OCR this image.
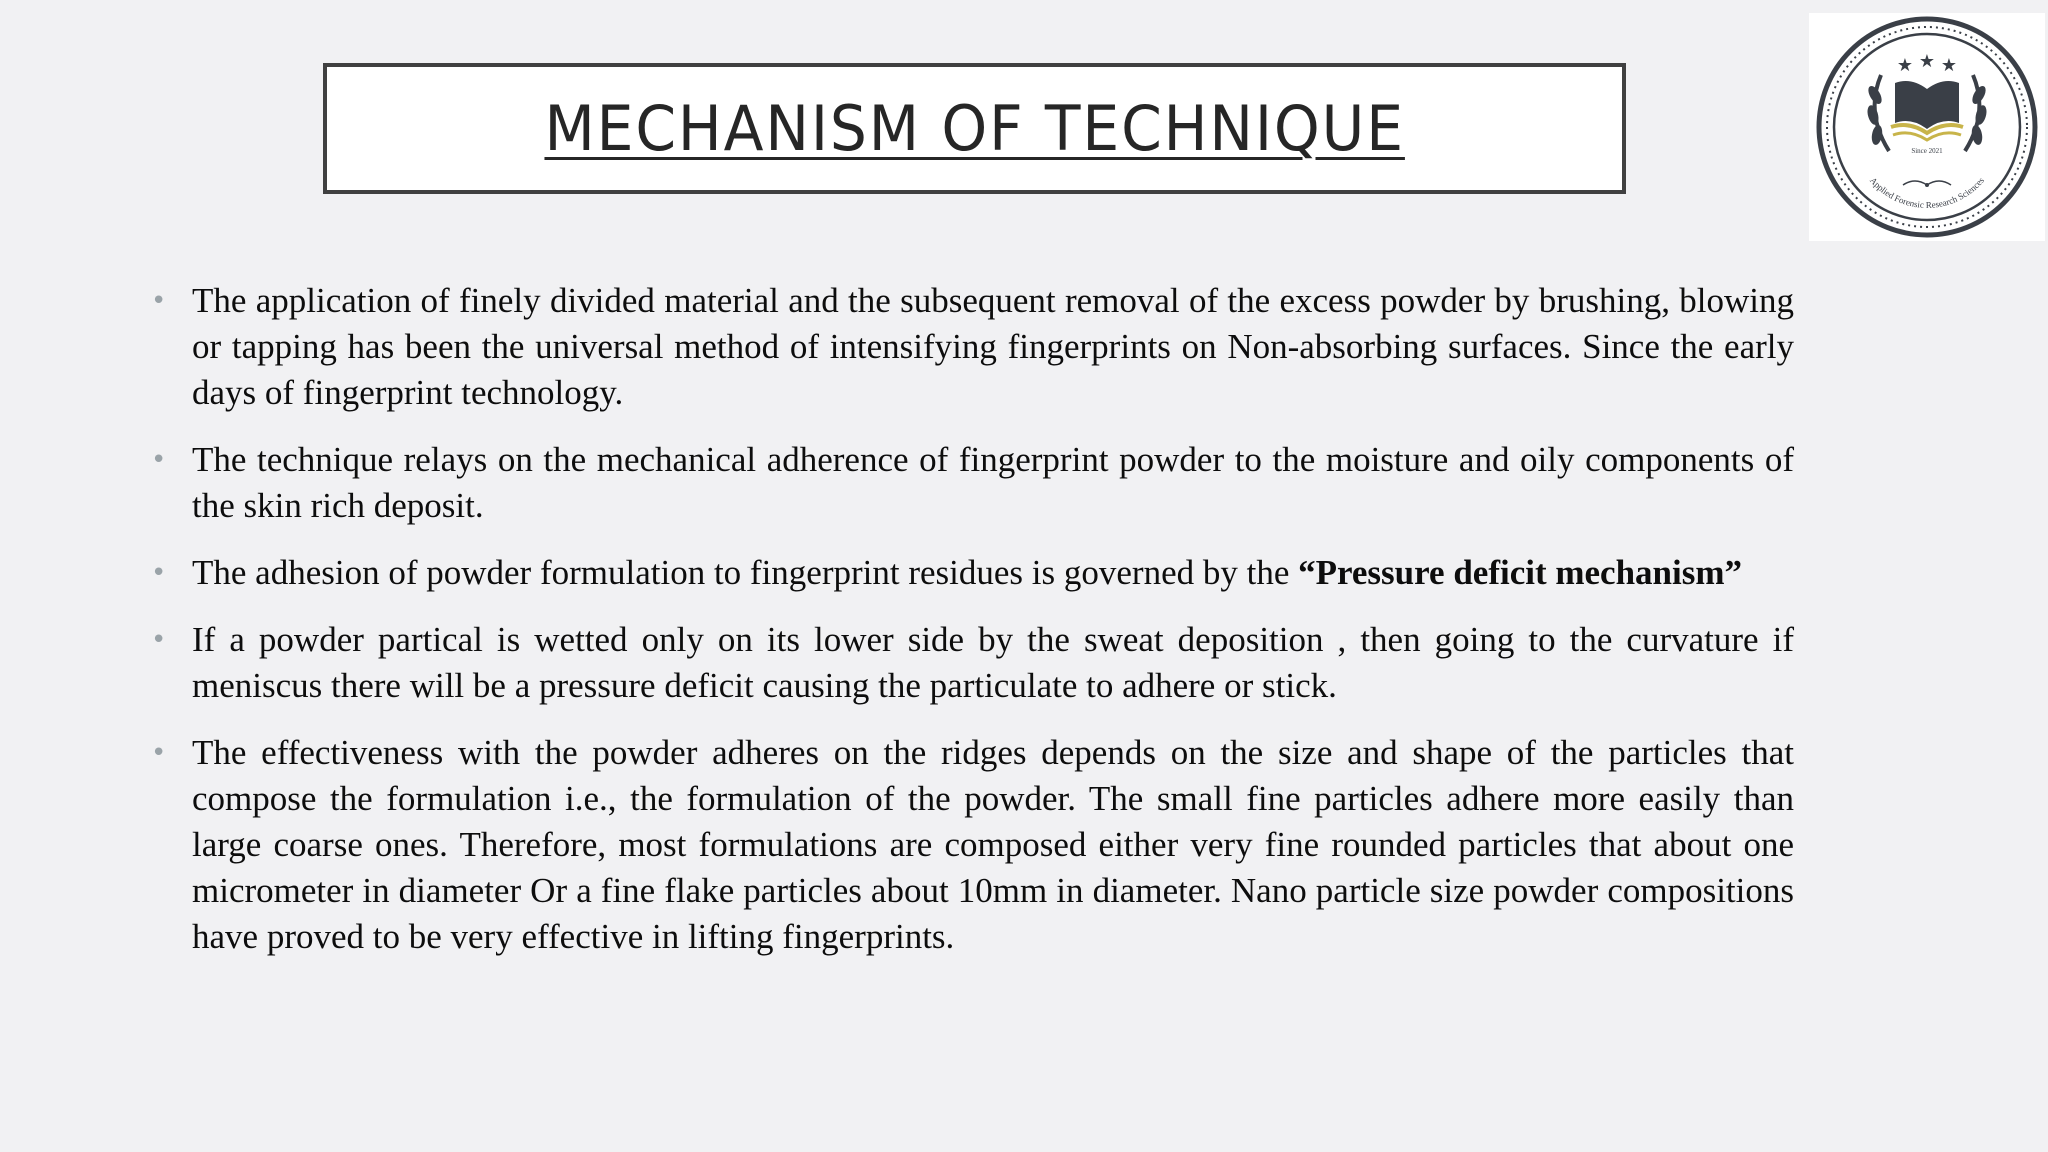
MECHANISM OF TECHNIQUE
★ ★ ★
Since 2021
Applied Forensic Research Sciences
• The application of finely divided material and the subsequent removal of the excess powder by brushing, blowing or tapping has been the universal method of intensifying fingerprints on Non-absorbing surfaces. Since the early days of fingerprint technology.
• The technique relays on the mechanical adherence of fingerprint powder to the moisture and oily components of the skin rich deposit.
• The adhesion of powder formulation to fingerprint residues is governed by the “Pressure deficit mechanism”
• If a powder partical is wetted only on its lower side by the sweat deposition , then going to the curvature if meniscus there will be a pressure deficit causing the particulate to adhere or stick.
• The effectiveness with the powder adheres on the ridges depends on the size and shape of the particles that compose the formulation i.e., the formulation of the powder. The small fine particles adhere more easily than large coarse ones. Therefore, most formulations are composed either very fine rounded particles that about one micrometer in diameter Or a fine flake particles about 10mm in diameter. Nano particle size powder compositions have proved to be very effective in lifting fingerprints.
